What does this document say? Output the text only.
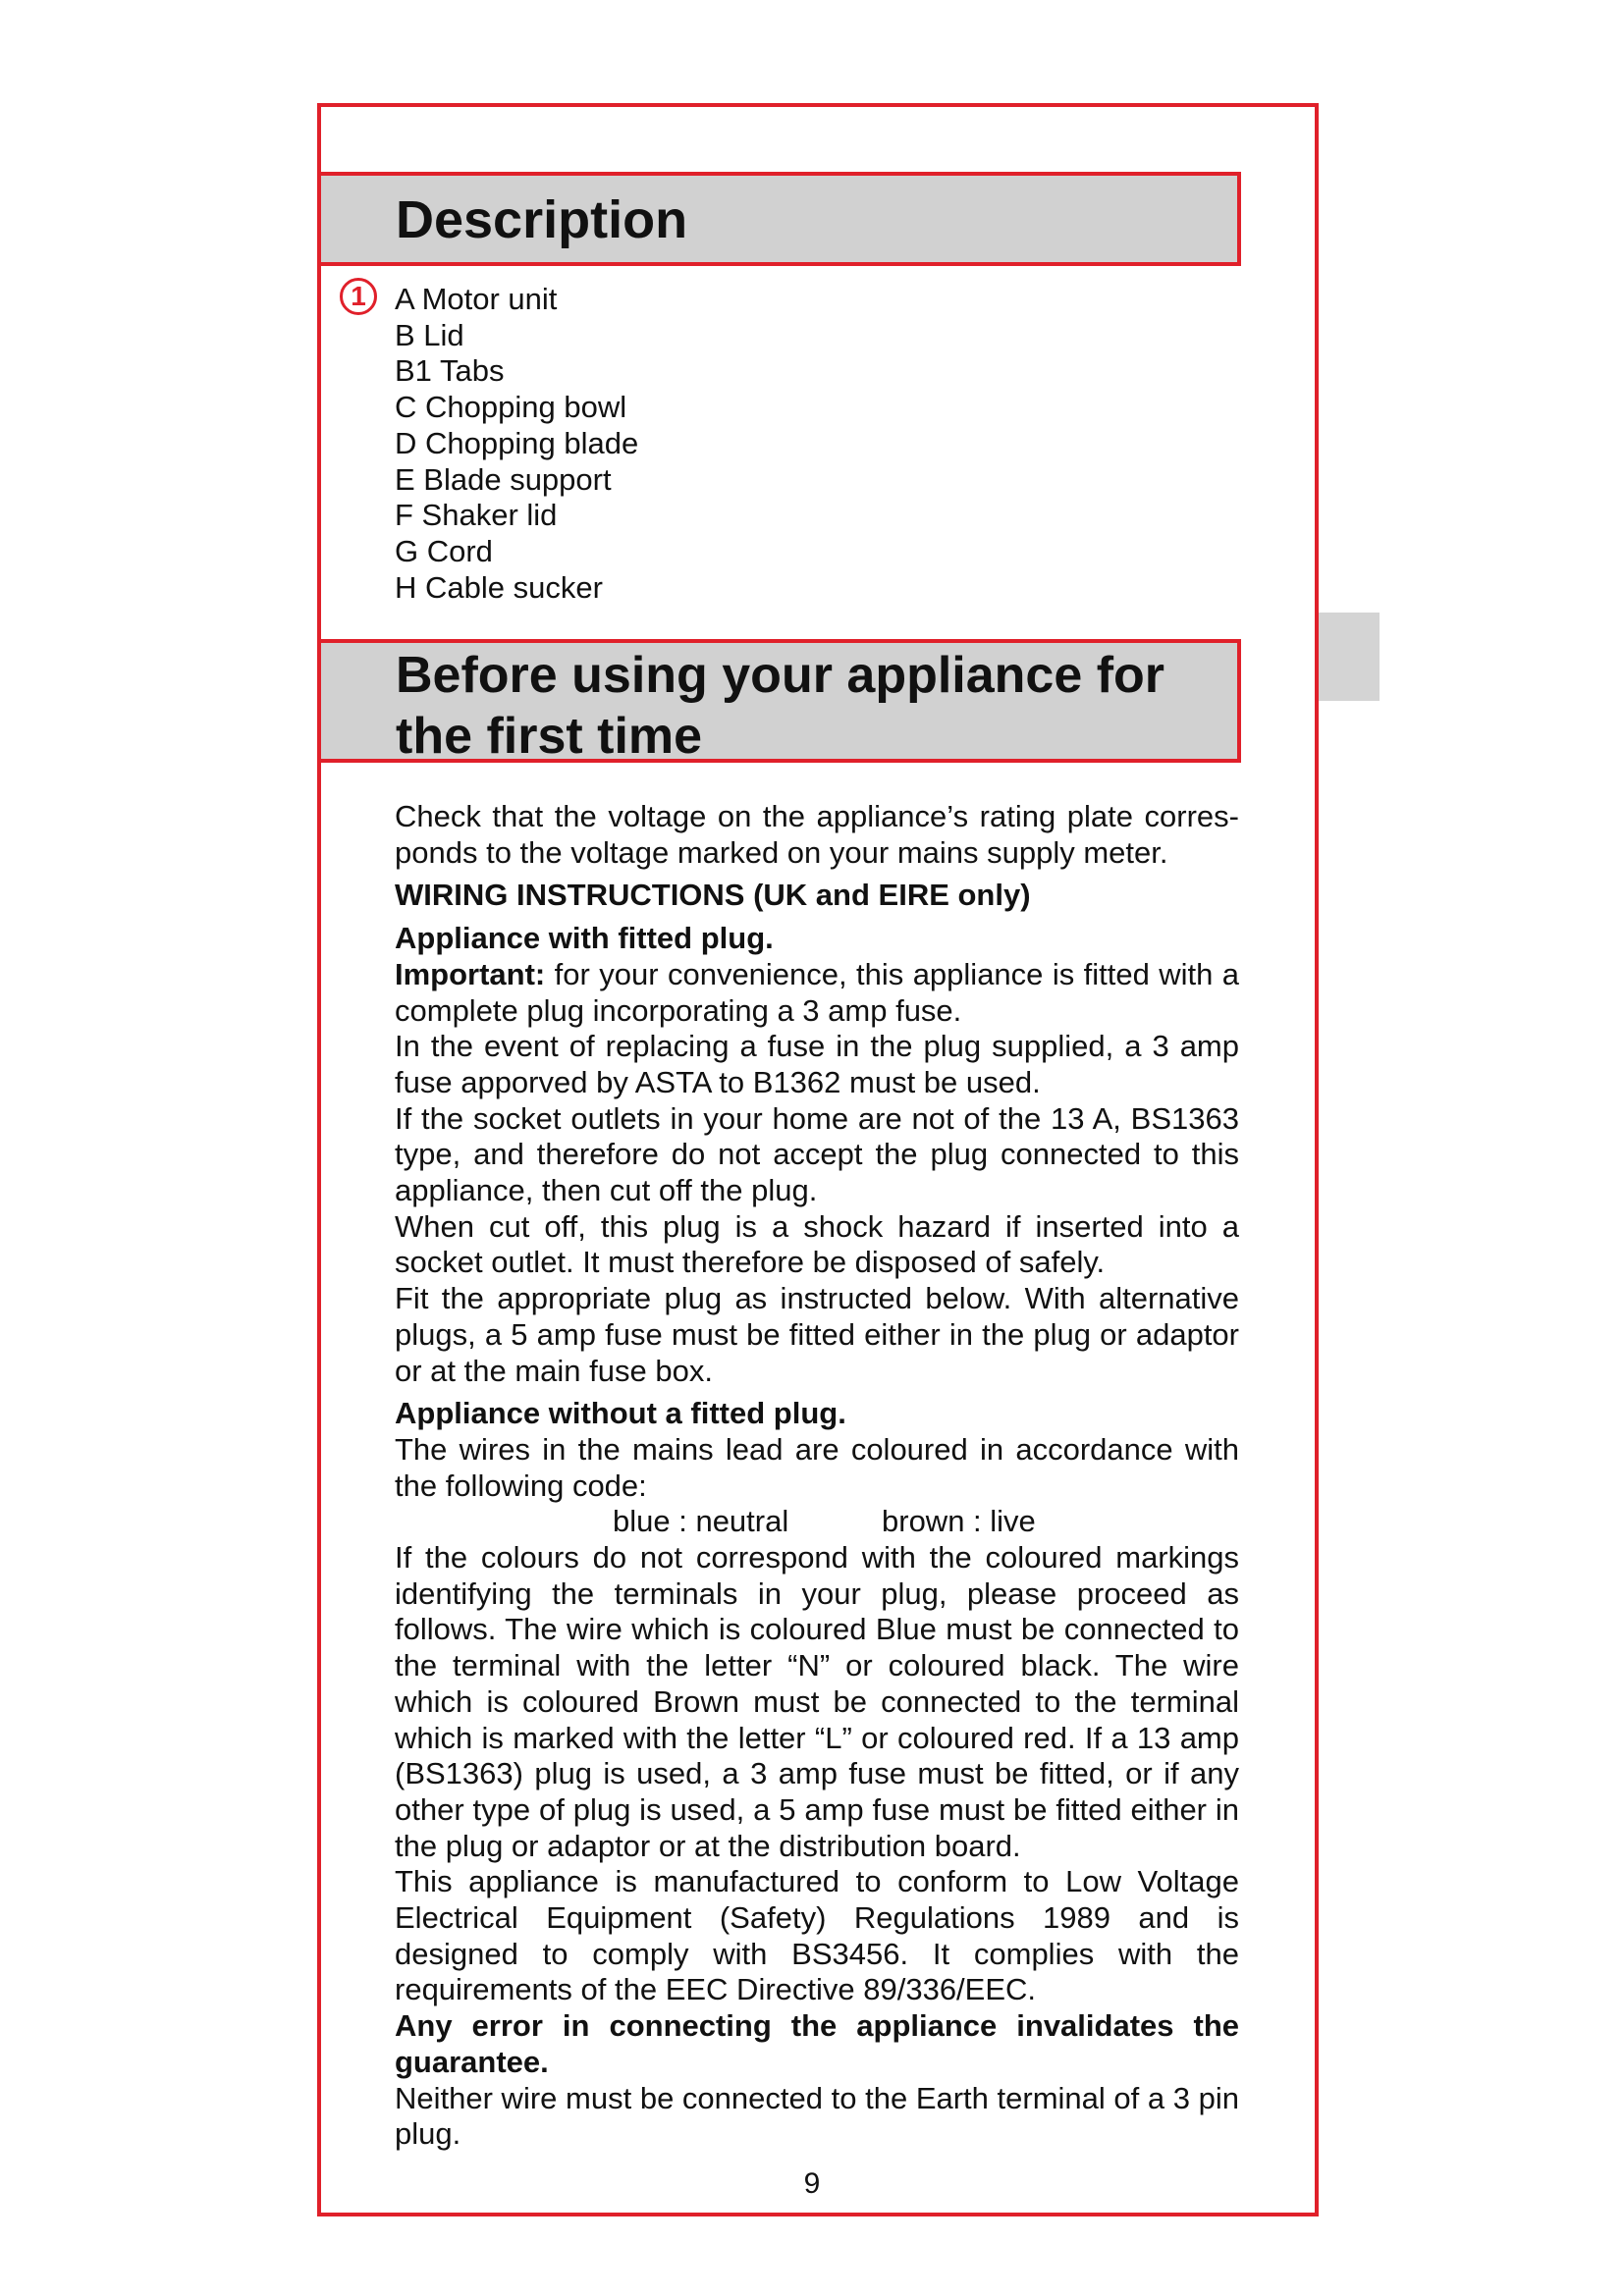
Description
1 A Motor unit
B Lid
B1 Tabs
C Chopping bowl
D Chopping blade
E Blade support
F Shaker lid
G Cord
H Cable sucker
Before using your appliance for the first time

Check that the voltage on the appliance’s rating plate corres-ponds to the voltage marked on your mains supply meter.

WIRING INSTRUCTIONS (UK and EIRE only)

Appliance with fitted plug.

Important: for your convenience, this appliance is fitted with a complete plug incorporating a 3 amp fuse.

In the event of replacing a fuse in the plug supplied, a 3 amp fuse apporved by ASTA to B1362 must be used.

If the socket outlets in your home are not of the 13 A, BS1363 type, and therefore do not accept the plug connected to this appliance, then cut off the plug.

When cut off, this plug is a shock hazard if inserted into a socket outlet. It must therefore be disposed of safely.

Fit the appropriate plug as instructed below. With alternative plugs, a 5 amp fuse must be fitted either in the plug or adaptor or at the main fuse box.

Appliance without a fitted plug.

The wires in the mains lead are coloured in accordance with the following code:

blue : neutral	brown : live

If the colours do not correspond with the coloured markings identifying the terminals in your plug, please proceed as follows. The wire which is coloured Blue must be connected to the terminal with the letter “N” or coloured black. The wire which is coloured Brown must be connected to the terminal which is marked with the letter “L” or coloured red. If a 13 amp (BS1363) plug is used, a 3 amp fuse must be fitted, or if any other type of plug is used, a 5 amp fuse must be fitted either in the plug or adaptor or at the distribution board.

This appliance is manufactured to conform to Low Voltage Electrical Equipment (Safety) Regulations 1989 and is designed to comply with BS3456. It complies with the requirements of the EEC Directive 89/336/EEC.

Any error in connecting the appliance invalidates the guarantee.

Neither wire must be connected to the Earth terminal of a 3 pin plug.

9
